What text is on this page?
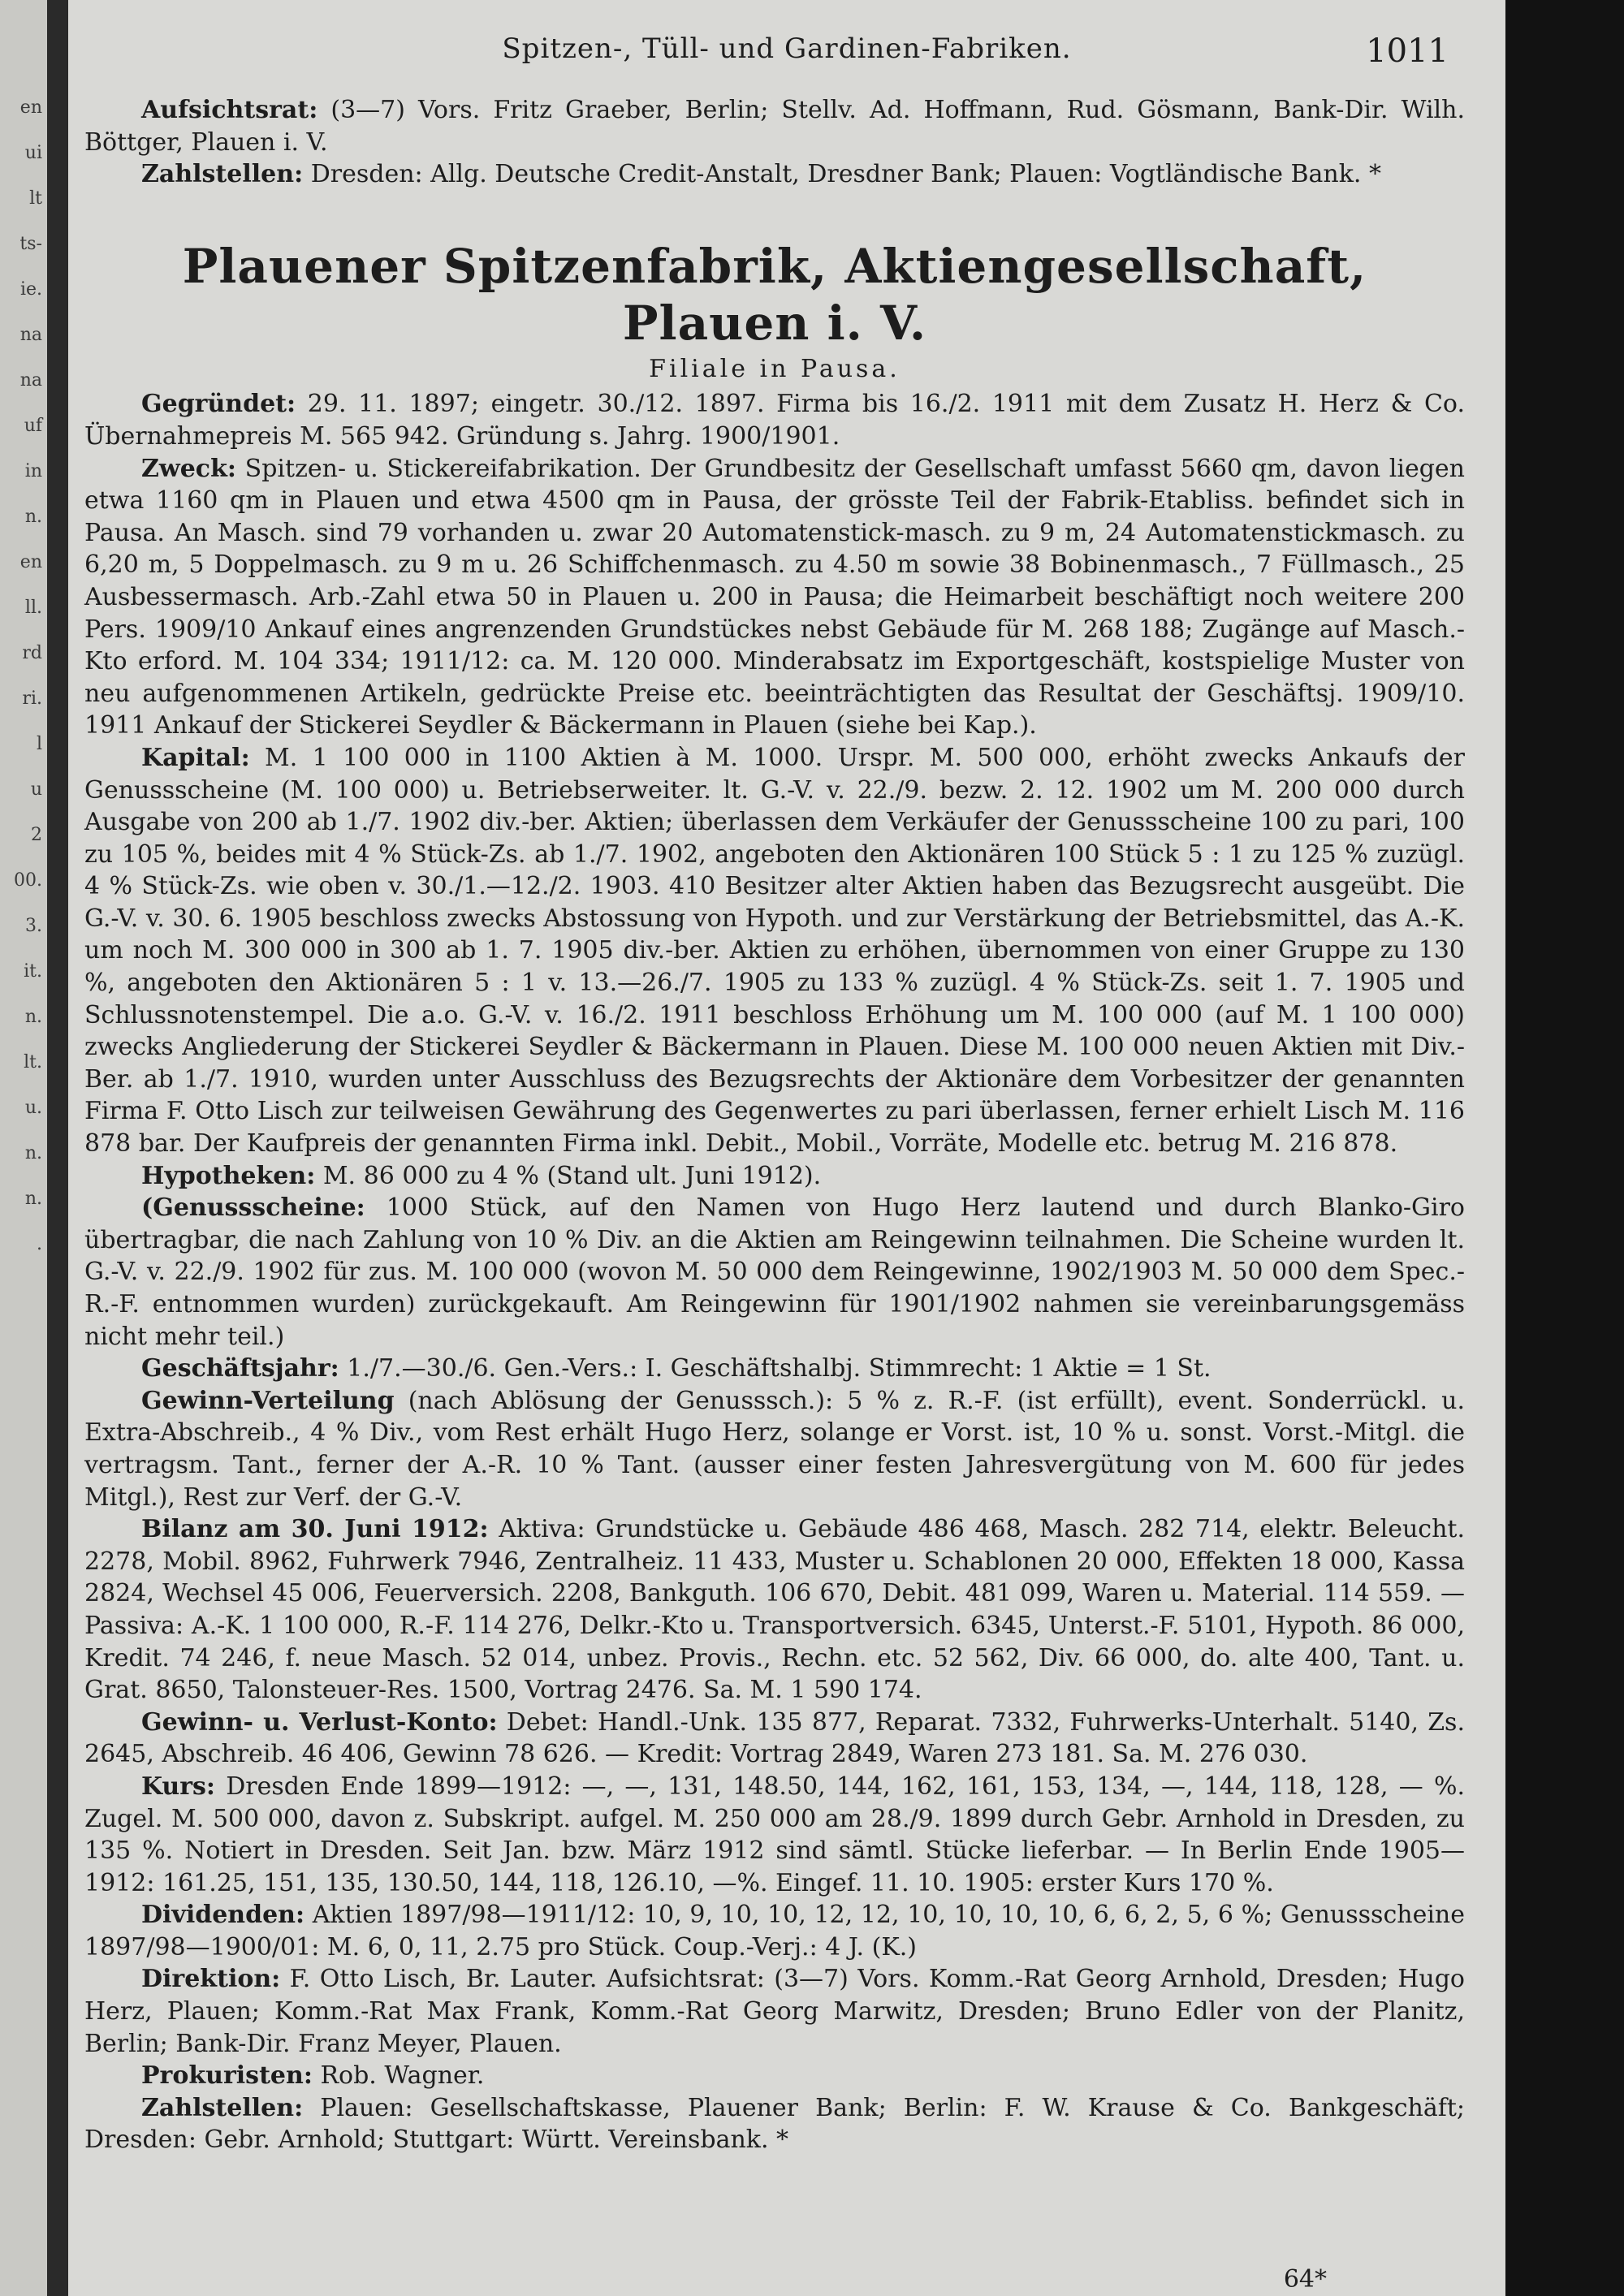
en
ui
lt
ts-
ie.
na
na
uf
in
n.
en
ll.
rd
ri.
l
u
2
00.
3.
it.
n.
lt.
u.
n.
n.
.
Spitzen-, Tüll- und Gardinen-Fabriken.	1011

Aufsichtsrat: (3—7) Vors. Fritz Graeber, Berlin; Stellv. Ad. Hoffmann, Rud. Gösmann, Bank-Dir. Wilh. Böttger, Plauen i. V.

Zahlstellen: Dresden: Allg. Deutsche Credit-Anstalt, Dresdner Bank; Plauen: Vogtländische Bank. *

Plauener Spitzenfabrik, Aktiengesellschaft, Plauen i. V.
Filiale in Pausa.

Gegründet: 29. 11. 1897; eingetr. 30./12. 1897. Firma bis 16./2. 1911 mit dem Zusatz H. Herz & Co. Übernahmepreis M. 565 942. Gründung s. Jahrg. 1900/1901.

Zweck: Spitzen- u. Stickereifabrikation. Der Grundbesitz der Gesellschaft umfasst 5660 qm, davon liegen etwa 1160 qm in Plauen und etwa 4500 qm in Pausa, der grösste Teil der Fabrik-Etabliss. befindet sich in Pausa. An Masch. sind 79 vorhanden u. zwar 20 Automatenstick-masch. zu 9 m, 24 Automatenstickmasch. zu 6,20 m, 5 Doppelmasch. zu 9 m u. 26 Schiffchenmasch. zu 4.50 m sowie 38 Bobinenmasch., 7 Füllmasch., 25 Ausbessermasch. Arb.-Zahl etwa 50 in Plauen u. 200 in Pausa; die Heimarbeit beschäftigt noch weitere 200 Pers. 1909/10 Ankauf eines angrenzenden Grundstückes nebst Gebäude für M. 268 188; Zugänge auf Masch.-Kto erford. M. 104 334; 1911/12: ca. M. 120 000. Minderabsatz im Exportgeschäft, kostspielige Muster von neu aufgenommenen Artikeln, gedrückte Preise etc. beeinträchtigten das Resultat der Geschäftsj. 1909/10. 1911 Ankauf der Stickerei Seydler & Bäckermann in Plauen (siehe bei Kap.).

Kapital: M. 1 100 000 in 1100 Aktien à M. 1000. Urspr. M. 500 000, erhöht zwecks Ankaufs der Genussscheine (M. 100 000) u. Betriebserweiter. lt. G.-V. v. 22./9. bezw. 2. 12. 1902 um M. 200 000 durch Ausgabe von 200 ab 1./7. 1902 div.-ber. Aktien; überlassen dem Verkäufer der Genussscheine 100 zu pari, 100 zu 105 %, beides mit 4 % Stück-Zs. ab 1./7. 1902, angeboten den Aktionären 100 Stück 5 : 1 zu 125 % zuzügl. 4 % Stück-Zs. wie oben v. 30./1.—12./2. 1903. 410 Besitzer alter Aktien haben das Bezugsrecht ausgeübt. Die G.-V. v. 30. 6. 1905 beschloss zwecks Abstossung von Hypoth. und zur Verstärkung der Betriebsmittel, das A.-K. um noch M. 300 000 in 300 ab 1. 7. 1905 div.-ber. Aktien zu erhöhen, übernommen von einer Gruppe zu 130 %, angeboten den Aktionären 5 : 1 v. 13.—26./7. 1905 zu 133 % zuzügl. 4 % Stück-Zs. seit 1. 7. 1905 und Schlussnotenstempel. Die a.o. G.-V. v. 16./2. 1911 beschloss Erhöhung um M. 100 000 (auf M. 1 100 000) zwecks Angliederung der Stickerei Seydler & Bäckermann in Plauen. Diese M. 100 000 neuen Aktien mit Div.-Ber. ab 1./7. 1910, wurden unter Ausschluss des Bezugsrechts der Aktionäre dem Vorbesitzer der genannten Firma F. Otto Lisch zur teilweisen Gewährung des Gegenwertes zu pari überlassen, ferner erhielt Lisch M. 116 878 bar. Der Kaufpreis der genannten Firma inkl. Debit., Mobil., Vorräte, Modelle etc. betrug M. 216 878.

Hypotheken: M. 86 000 zu 4 % (Stand ult. Juni 1912).

(Genussscheine: 1000 Stück, auf den Namen von Hugo Herz lautend und durch Blanko-Giro übertragbar, die nach Zahlung von 10 % Div. an die Aktien am Reingewinn teilnahmen. Die Scheine wurden lt. G.-V. v. 22./9. 1902 für zus. M. 100 000 (wovon M. 50 000 dem Reingewinne, 1902/1903 M. 50 000 dem Spec.-R.-F. entnommen wurden) zurückgekauft. Am Reingewinn für 1901/1902 nahmen sie vereinbarungsgemäss nicht mehr teil.)

Geschäftsjahr: 1./7.—30./6. Gen.-Vers.: I. Geschäftshalbj. Stimmrecht: 1 Aktie = 1 St.

Gewinn-Verteilung (nach Ablösung der Genusssch.): 5 % z. R.-F. (ist erfüllt), event. Sonderrückl. u. Extra-Abschreib., 4 % Div., vom Rest erhält Hugo Herz, solange er Vorst. ist, 10 % u. sonst. Vorst.-Mitgl. die vertragsm. Tant., ferner der A.-R. 10 % Tant. (ausser einer festen Jahresvergütung von M. 600 für jedes Mitgl.), Rest zur Verf. der G.-V.

Bilanz am 30. Juni 1912: Aktiva: Grundstücke u. Gebäude 486 468, Masch. 282 714, elektr. Beleucht. 2278, Mobil. 8962, Fuhrwerk 7946, Zentralheiz. 11 433, Muster u. Schablonen 20 000, Effekten 18 000, Kassa 2824, Wechsel 45 006, Feuerversich. 2208, Bankguth. 106 670, Debit. 481 099, Waren u. Material. 114 559. — Passiva: A.-K. 1 100 000, R.-F. 114 276, Delkr.-Kto u. Transportversich. 6345, Unterst.-F. 5101, Hypoth. 86 000, Kredit. 74 246, f. neue Masch. 52 014, unbez. Provis., Rechn. etc. 52 562, Div. 66 000, do. alte 400, Tant. u. Grat. 8650, Talonsteuer-Res. 1500, Vortrag 2476. Sa. M. 1 590 174.

Gewinn- u. Verlust-Konto: Debet: Handl.-Unk. 135 877, Reparat. 7332, Fuhrwerks-Unterhalt. 5140, Zs. 2645, Abschreib. 46 406, Gewinn 78 626. — Kredit: Vortrag 2849, Waren 273 181. Sa. M. 276 030.

Kurs: Dresden Ende 1899—1912: —, —, 131, 148.50, 144, 162, 161, 153, 134, —, 144, 118, 128, — %. Zugel. M. 500 000, davon z. Subskript. aufgel. M. 250 000 am 28./9. 1899 durch Gebr. Arnhold in Dresden, zu 135 %. Notiert in Dresden. Seit Jan. bzw. März 1912 sind sämtl. Stücke lieferbar. — In Berlin Ende 1905—1912: 161.25, 151, 135, 130.50, 144, 118, 126.10, —%. Eingef. 11. 10. 1905: erster Kurs 170 %.

Dividenden: Aktien 1897/98—1911/12: 10, 9, 10, 10, 12, 12, 10, 10, 10, 10, 6, 6, 2, 5, 6 %; Genussscheine 1897/98—1900/01: M. 6, 0, 11, 2.75 pro Stück. Coup.-Verj.: 4 J. (K.)

Direktion: F. Otto Lisch, Br. Lauter. Aufsichtsrat: (3—7) Vors. Komm.-Rat Georg Arnhold, Dresden; Hugo Herz, Plauen; Komm.-Rat Max Frank, Komm.-Rat Georg Marwitz, Dresden; Bruno Edler von der Planitz, Berlin; Bank-Dir. Franz Meyer, Plauen.

Prokuristen: Rob. Wagner.

Zahlstellen: Plauen: Gesellschaftskasse, Plauener Bank; Berlin: F. W. Krause & Co. Bankgeschäft; Dresden: Gebr. Arnhold; Stuttgart: Württ. Vereinsbank. *

64*
